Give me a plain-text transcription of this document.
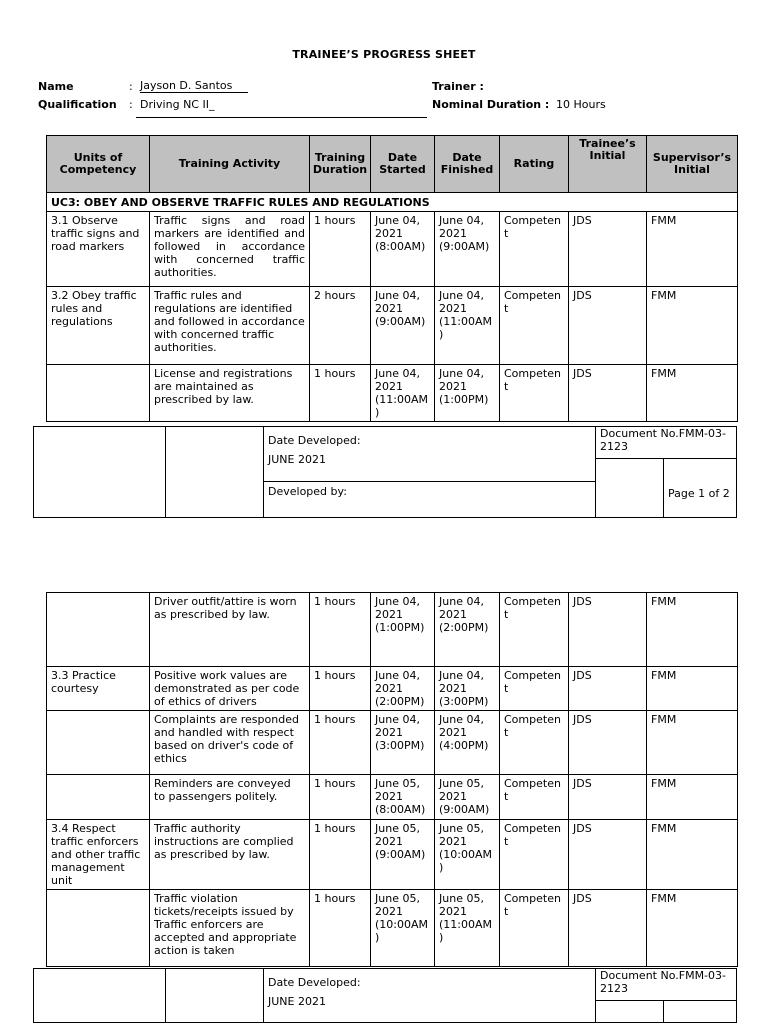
TRAINEE’S PROGRESS SHEET
Name	: Jayson D. Santos
Qualification : Driving NC II_
Trainer :
Nominal Duration : 10 Hours
Units of Competency	Training Activity	Training Duration	Date Started	Date Finished	Rating	Trainee’s Initial	Supervisor’s Initial
UC3: OBEY AND OBSERVE TRAFFIC RULES AND REGULATIONS							
3.1 Observe traffic signs and road markers	Traffic signs and road markers are identified and followed in accordance with concerned traffic authorities.	1 hours	June 04, 2021 (8:00AM)	June 04, 2021 (9:00AM)	Competent	JDS	FMM
3.2 Obey traffic rules and regulations	Traffic rules and regulations are identified and followed in accordance with concerned traffic authorities.	2 hours	June 04, 2021 (9:00AM)	June 04, 2021 (11:00AM)	Competent	JDS	FMM
	License and registrations are maintained as prescribed by law.	1 hours	June 04, 2021 (11:00AM)	June 04, 2021 (1:00PM)	Competent	JDS	FMM

		Date Developed:
JUNE 2021	Document No.FMM-03-2123	
				Page 1 of 2
		Developed by:		
	Driver outfit/attire is worn as prescribed by law.	1 hours	June 04, 2021 (1:00PM)	June 04, 2021 (2:00PM)	Competent	JDS	FMM
3.3 Practice courtesy	Positive work values are demonstrated as per code of ethics of drivers	1 hours	June 04, 2021 (2:00PM)	June 04, 2021 (3:00PM)	Competent	JDS	FMM
	Complaints are responded and handled with respect based on driver's code of ethics	1 hours	June 04, 2021 (3:00PM)	June 04, 2021 (4:00PM)	Competent	JDS	FMM
	Reminders are conveyed to passengers politely.	1 hours	June 05, 2021 (8:00AM)	June 05, 2021 (9:00AM)	Competent	JDS	FMM
3.4 Respect traffic enforcers and other traffic management unit	Traffic authority instructions are complied as prescribed by law.	1 hours	June 05, 2021 (9:00AM)	June 05, 2021 (10:00AM)	Competent	JDS	FMM
	Traffic violation tickets/receipts issued by Traffic enforcers are accepted and appropriate action is taken	1 hours	June 05, 2021 (10:00AM)	June 05, 2021 (11:00AM)	Competent	JDS	FMM

		Date Developed:
JUNE 2021	Document No.FMM-03-2123	
